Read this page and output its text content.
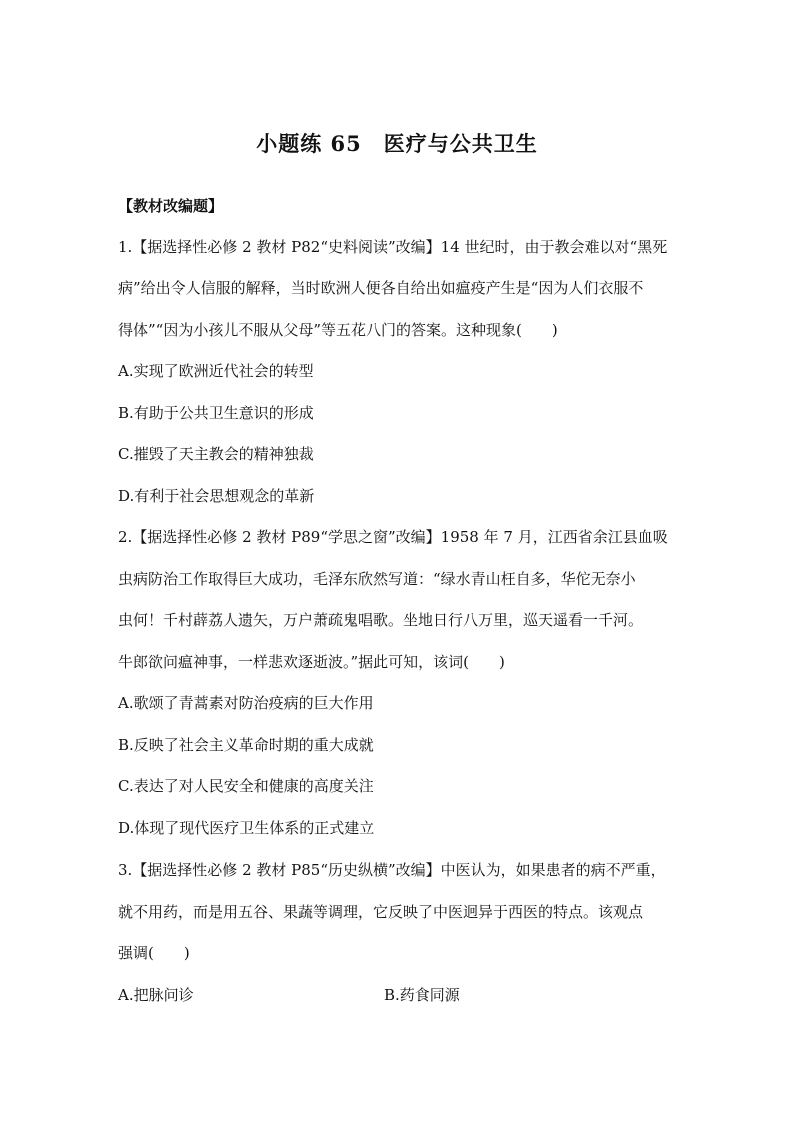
小题练 65　医疗与公共卫生
【教材改编题】
1.【据选择性必修 2 教材 P82“史料阅读”改编】14 世纪时，由于教会难以对“黑死
病”给出令人信服的解释，当时欧洲人便各自给出如瘟疫产生是“因为人们衣服不
得体”“因为小孩儿不服从父母”等五花八门的答案。这种现象(　　)
A.实现了欧洲近代社会的转型
B.有助于公共卫生意识的形成
C.摧毁了天主教会的精神独裁
D.有利于社会思想观念的革新
2.【据选择性必修 2 教材 P89“学思之窗”改编】1958 年 7 月，江西省余江县血吸
虫病防治工作取得巨大成功，毛泽东欣然写道：“绿水青山枉自多，华佗无奈小
虫何！千村薜荔人遗矢，万户萧疏鬼唱歌。坐地日行八万里，巡天遥看一千河。
牛郎欲问瘟神事，一样悲欢逐逝波。”据此可知，该词(　　)
A.歌颂了青蒿素对防治疫病的巨大作用
B.反映了社会主义革命时期的重大成就
C.表达了对人民安全和健康的高度关注
D.体现了现代医疗卫生体系的正式建立
3.【据选择性必修 2 教材 P85“历史纵横”改编】中医认为，如果患者的病不严重，
就不用药，而是用五谷、果蔬等调理，它反映了中医迥异于西医的特点。该观点
强调(　　)
A.把脉问诊	B.药食同源
